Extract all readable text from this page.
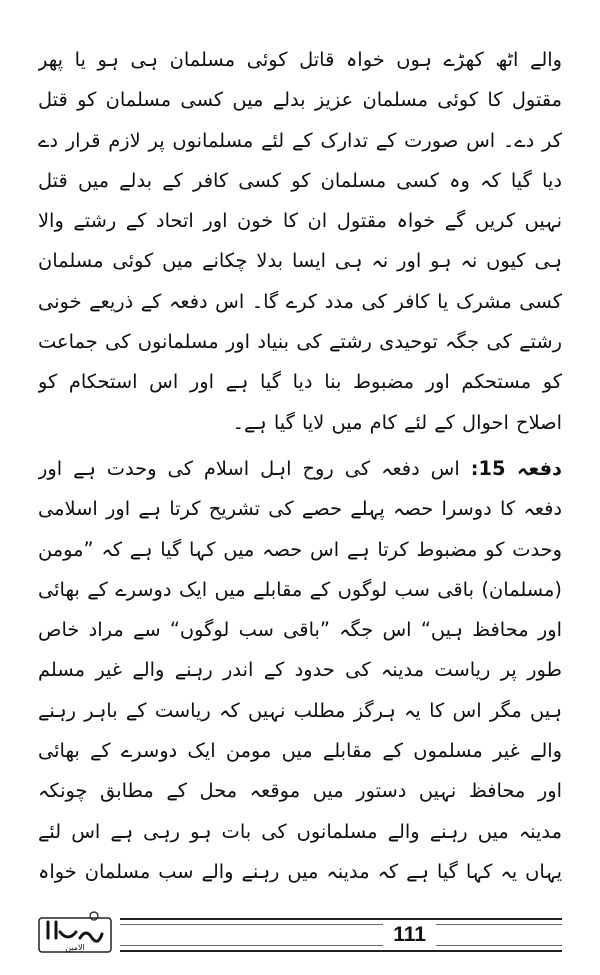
والے اٹھ کھڑے ہوں خواہ قاتل کوئی مسلمان ہی ہو یا پھر مقتول کا کوئی مسلمان عزیز بدلے میں کسی مسلمان کو قتل کر دے۔ اس صورت کے تدارک کے لئے مسلمانوں پر لازم قرار دے دیا گیا کہ وہ کسی مسلمان کو کسی کافر کے بدلے میں قتل نہیں کریں گے خواہ مقتول ان کا خون اور اتحاد کے رشتے والا ہی کیوں نہ ہو اور نہ ہی ایسا بدلا چکانے میں کوئی مسلمان کسی مشرک یا کافر کی مدد کرے گا۔ اس دفعہ کے ذریعے خونی رشتے کی جگہ توحیدی رشتے کی بنیاد اور مسلمانوں کی جماعت کو مستحکم اور مضبوط بنا دیا گیا ہے اور اس استحکام کو اصلاح احوال کے لئے کام میں لایا گیا ہے۔

دفعہ 15: اس دفعہ کی روح اہل اسلام کی وحدت ہے اور دفعہ کا دوسرا حصہ پہلے حصے کی تشریح کرتا ہے اور اسلامی وحدت کو مضبوط کرتا ہے اس حصہ میں کہا گیا ہے کہ ”مومن (مسلمان) باقی سب لوگوں کے مقابلے میں ایک دوسرے کے بھائی اور محافظ ہیں“ اس جگہ ”باقی سب لوگوں“ سے مراد خاص طور پر ریاست مدینہ کی حدود کے اندر رہنے والے غیر مسلم ہیں مگر اس کا یہ ہرگز مطلب نہیں کہ ریاست کے باہر رہنے والے غیر مسلموں کے مقابلے میں مومن ایک دوسرے کے بھائی اور محافظ نہیں دستور میں موقعہ محل کے مطابق چونکہ مدینہ میں رہنے والے مسلمانوں کی بات ہو رہی ہے اس لئے یہاں یہ کہا گیا ہے کہ مدینہ میں رہنے والے سب مسلمان خواہ

الامین
111
